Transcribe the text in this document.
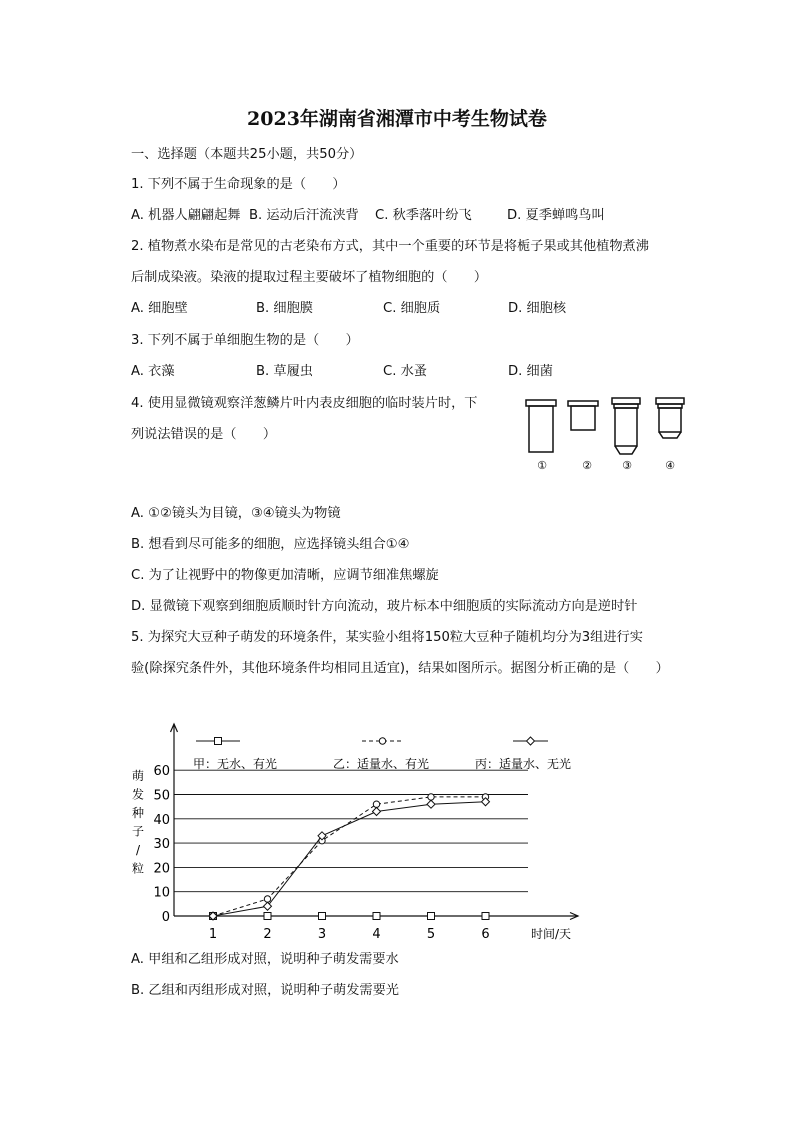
2023年湖南省湘潭市中考生物试卷
一、选择题（本题共25小题，共50分）
1. 下列不属于生命现象的是（　　）
A. 机器人翩翩起舞 B. 运动后汗流浃背 C. 秋季落叶纷飞	D. 夏季蝉鸣鸟叫
2. 植物煮水染布是常见的古老染布方式，其中一个重要的环节是将栀子果或其他植物煮沸
后制成染液。染液的提取过程主要破坏了植物细胞的（　　）
A. 细胞壁	B. 细胞膜	C. 细胞质	D. 细胞核
3. 下列不属于单细胞生物的是（　　）
A. 衣藻	B. 草履虫	C. 水蚤	D. 细菌
4. 使用显微镜观察洋葱鳞片叶内表皮细胞的临时装片时，下
列说法错误的是（　　）
①	②	③	④
A. ①②镜头为目镜，③④镜头为物镜
B. 想看到尽可能多的细胞，应选择镜头组合①④
C. 为了让视野中的物像更加清晰，应调节细准焦螺旋
D. 显微镜下观察到细胞质顺时针方向流动，玻片标本中细胞质的实际流动方向是逆时针
5. 为探究大豆种子萌发的环境条件，某实验小组将150粒大豆种子随机均分为3组进行实
验(除探究条件外，其他环境条件均相同且适宜)，结果如图所示。据图分析正确的是（　　）
0
10
20
30
40
50
60
1	2	3	4	5	6
甲：无水、有光	乙：适量水、有光	丙：适量水、无光
萌
发
种
子
/
粒
时间/天
A. 甲组和乙组形成对照，说明种子萌发需要水
B. 乙组和丙组形成对照，说明种子萌发需要光
